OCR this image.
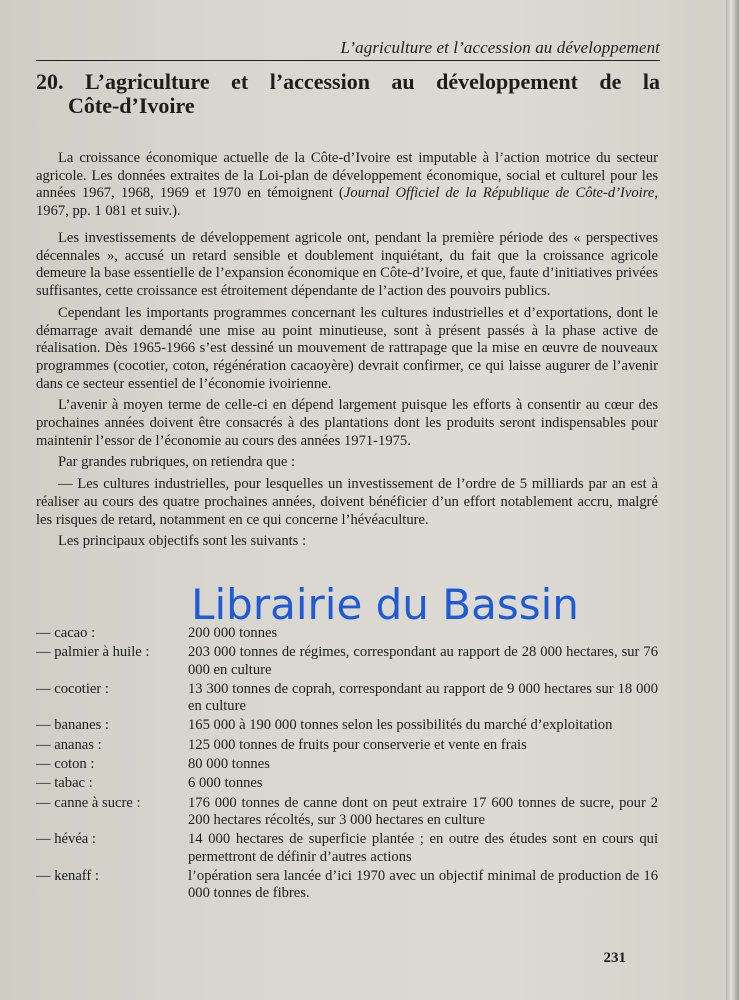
L’agriculture et l’accession au développement
20. L’agriculture et l’accession au développement de la
Côte-d’Ivoire

La croissance économique actuelle de la Côte-d’Ivoire est imputable à l’action motrice du secteur agricole. Les données extraites de la Loi-plan de développement économique, social et culturel pour les années 1967, 1968, 1969 et 1970 en témoignent (Journal Officiel de la République de Côte-d’Ivoire, 1967, pp. 1 081 et suiv.).

Les investissements de développement agricole ont, pendant la première période des « perspectives décennales », accusé un retard sensible et doublement inquiétant, du fait que la croissance agricole demeure la base essentielle de l’expansion économique en Côte-d’Ivoire, et que, faute d’initiatives privées suffisantes, cette croissance est étroitement dépendante de l’action des pouvoirs publics.

Cependant les importants programmes concernant les cultures industrielles et d’exportations, dont le démarrage avait demandé une mise au point minutieuse, sont à présent passés à la phase active de réalisation. Dès 1965-1966 s’est dessiné un mouvement de rattrapage que la mise en œuvre de nouveaux programmes (cocotier, coton, régénération cacaoyère) devrait confirmer, ce qui laisse augurer de l’avenir dans ce secteur essentiel de l’économie ivoirienne.

L’avenir à moyen terme de celle-ci en dépend largement puisque les efforts à consentir au cœur des prochaines années doivent être consacrés à des plantations dont les produits seront indispensables pour maintenir l’essor de l’économie au cours des années 1971-1975.

Par grandes rubriques, on retiendra que :

— Les cultures industrielles, pour lesquelles un investissement de l’ordre de 5 milliards par an est à réaliser au cours des quatre prochaines années, doivent bénéficier d’un effort notablement accru, malgré les risques de retard, notamment en ce qui concerne l’hévéaculture.

Les principaux objectifs sont les suivants :

— cacao :	200 000 tonnes
— palmier à huile :	203 000 tonnes de régimes, correspondant au rapport de 28 000 hectares, sur 76 000 en culture
— cocotier :	13 300 tonnes de coprah, correspondant au rapport de 9 000 hectares sur 18 000 en culture
— bananes :	165 000 à 190 000 tonnes selon les possibilités du marché d’exploitation
— ananas :	125 000 tonnes de fruits pour conserverie et vente en frais
— coton :	80 000 tonnes
— tabac :	6 000 tonnes
— canne à sucre :	176 000 tonnes de canne dont on peut extraire 17 600 tonnes de sucre, pour 2 200 hectares récoltés, sur 3 000 hectares en culture
— hévéa :	14 000 hectares de superficie plantée ; en outre des études sont en cours qui permettront de définir d’autres actions
— kenaff :	l’opération sera lancée d’ici 1970 avec un objectif minimal de production de 16 000 tonnes de fibres.
231
Librairie du Bassin
